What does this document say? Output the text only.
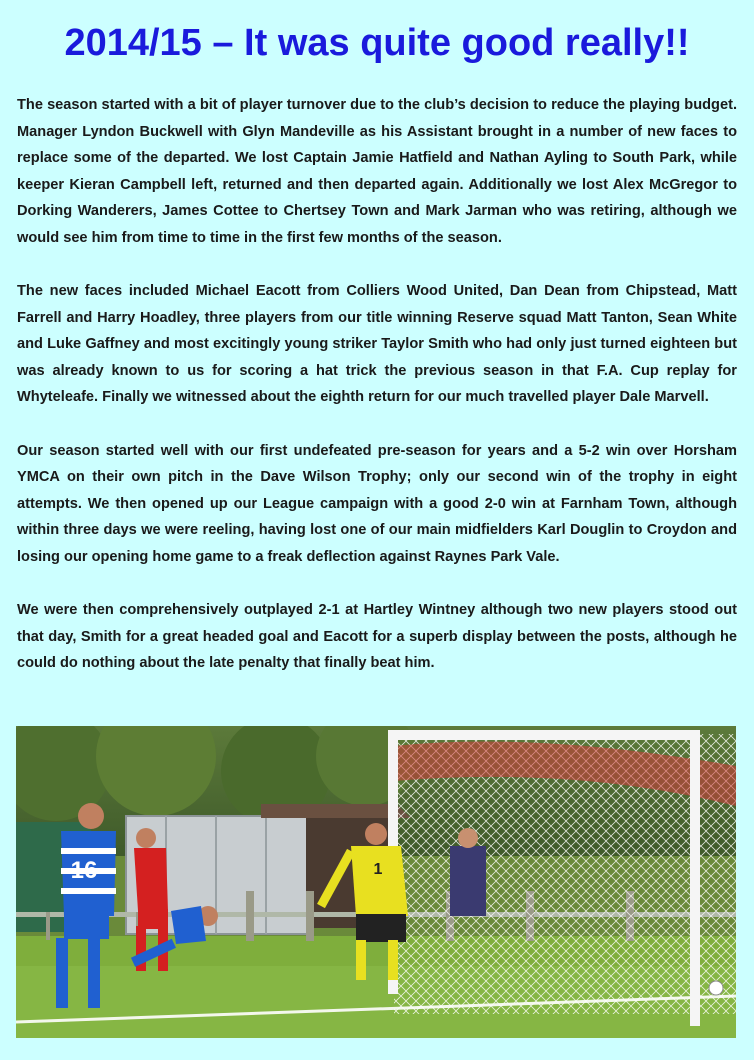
2014/15 – It was quite good really!!

The season started with a bit of player turnover due to the club’s decision to reduce the playing budget. Manager Lyndon Buckwell with Glyn Mandeville as his Assistant brought in a number of new faces to replace some of the departed. We lost Captain Jamie Hatfield and Nathan Ayling to South Park, while keeper Kieran Campbell left, returned and then departed again. Additionally we lost Alex McGregor to Dorking Wanderers, James Cottee to Chertsey Town and Mark Jarman who was retiring, although we would see him from time to time in the first few months of the season.

The new faces included Michael Eacott from Colliers Wood United, Dan Dean from Chipstead, Matt Farrell and Harry Hoadley, three players from our title winning Reserve squad Matt Tanton, Sean White and Luke Gaffney and most excitingly young striker Taylor Smith who had only just turned eighteen but was already known to us for scoring a hat trick the previous season in that F.A. Cup replay for Whyteleafe. Finally we witnessed about the eighth return for our much travelled player Dale Marvell.

Our season started well with our first undefeated pre-season for years and a 5-2 win over Horsham YMCA on their own pitch in the Dave Wilson Trophy; only our second win of the trophy in eight attempts. We then opened up our League campaign with a good 2-0 win at Farnham Town, although within three days we were reeling, having lost one of our main midfielders Karl Douglin to Croydon and losing our opening home game to a freak deflection against Raynes Park Vale.

We were then comprehensively outplayed 2-1 at Hartley Wintney although two new players stood out that day, Smith for a great headed goal and Eacott for a superb display between the posts, although he could do nothing about the late penalty that finally beat him.

1
16
